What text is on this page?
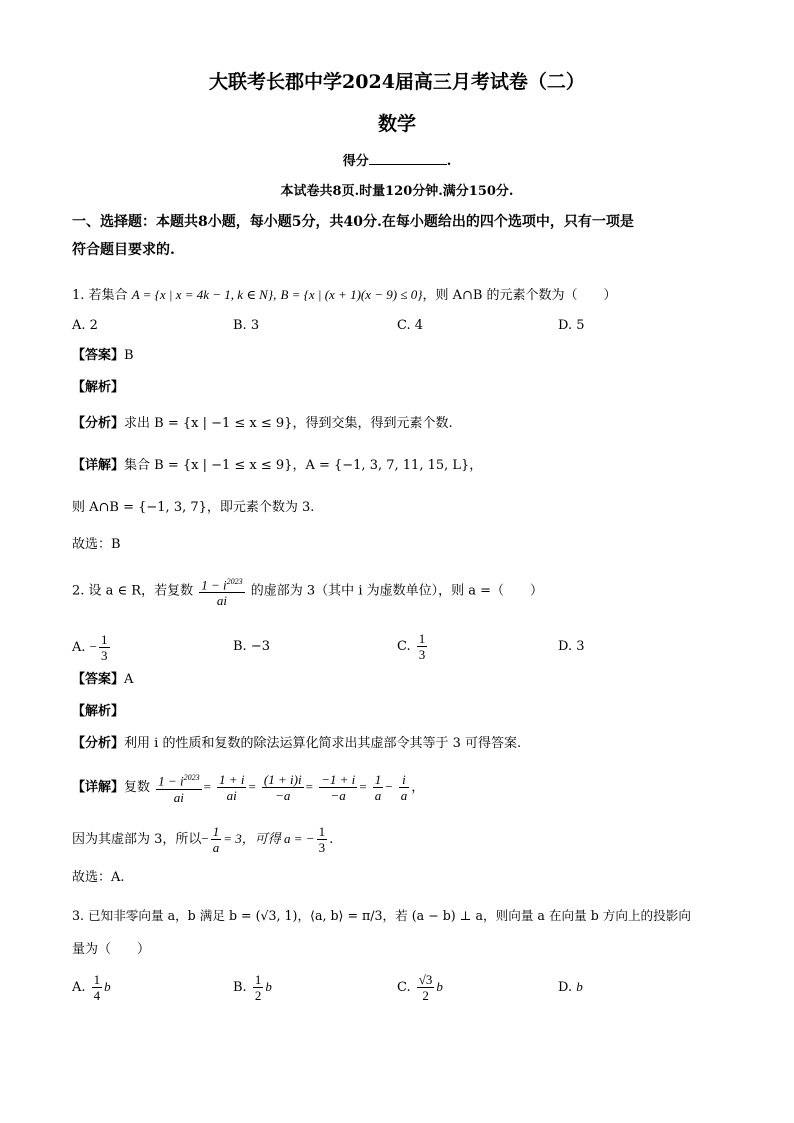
大联考长郡中学2024届高三月考试卷（二）
数学
得分	.
本试卷共8页.时量120分钟.满分150分.
一、选择题：本题共8小题，每小题5分，共40分.在每小题给出的四个选项中，只有一项是
符合题目要求的.
1. 若集合 A = {x | x = 4k − 1, k ∈ N}, B = {x | (x + 1)(x − 9) ≤ 0}，则 A∩B 的元素个数为（　　）
A. 2	B. 3	C. 4	D. 5
【答案】B
【解析】
【分析】求出 B = {x | −1 ≤ x ≤ 9}，得到交集，得到元素个数.
【详解】集合 B = {x | −1 ≤ x ≤ 9}，A = {−1, 3, 7, 11, 15, L}，
则 A∩B = {−1, 3, 7}，即元素个数为 3.
故选：B
2. 设 a ∈ R，若复数 $\frac{1 - i^{2023}}{ai}$ 的虚部为 3（其中 i 为虚数单位），则 a =（　　）
A. − $\frac{1}{3}$	B. −3	C. $\frac{1}{3}$	D. 3
【答案】A
【解析】
【分析】利用 i 的性质和复数的除法运算化简求出其虚部令其等于 3 可得答案.
【详解】复数 $\frac{1 - i^{2023}}{ai} = \frac{1 + i}{ai} = \frac{(1 + i)i}{-a} = \frac{-1 + i}{-a} = \frac{1}{a} - \frac{i}{a}$ ，
因为其虚部为 3，所以− $\frac{1}{a} = 3$，可得 a = − $\frac{1}{3}$ .
故选：A.
3. 已知非零向量 a，b 满足 b = (√3, 1)，⟨a, b⟩ = π/3，若 (a − b) ⊥ a，则向量 a 在向量 b 方向上的投影向
量为（　　）
A. $\frac{1}{4}$ b	B. $\frac{1}{2}$ b	C. $\frac{√3}{2}$ b	D. b
